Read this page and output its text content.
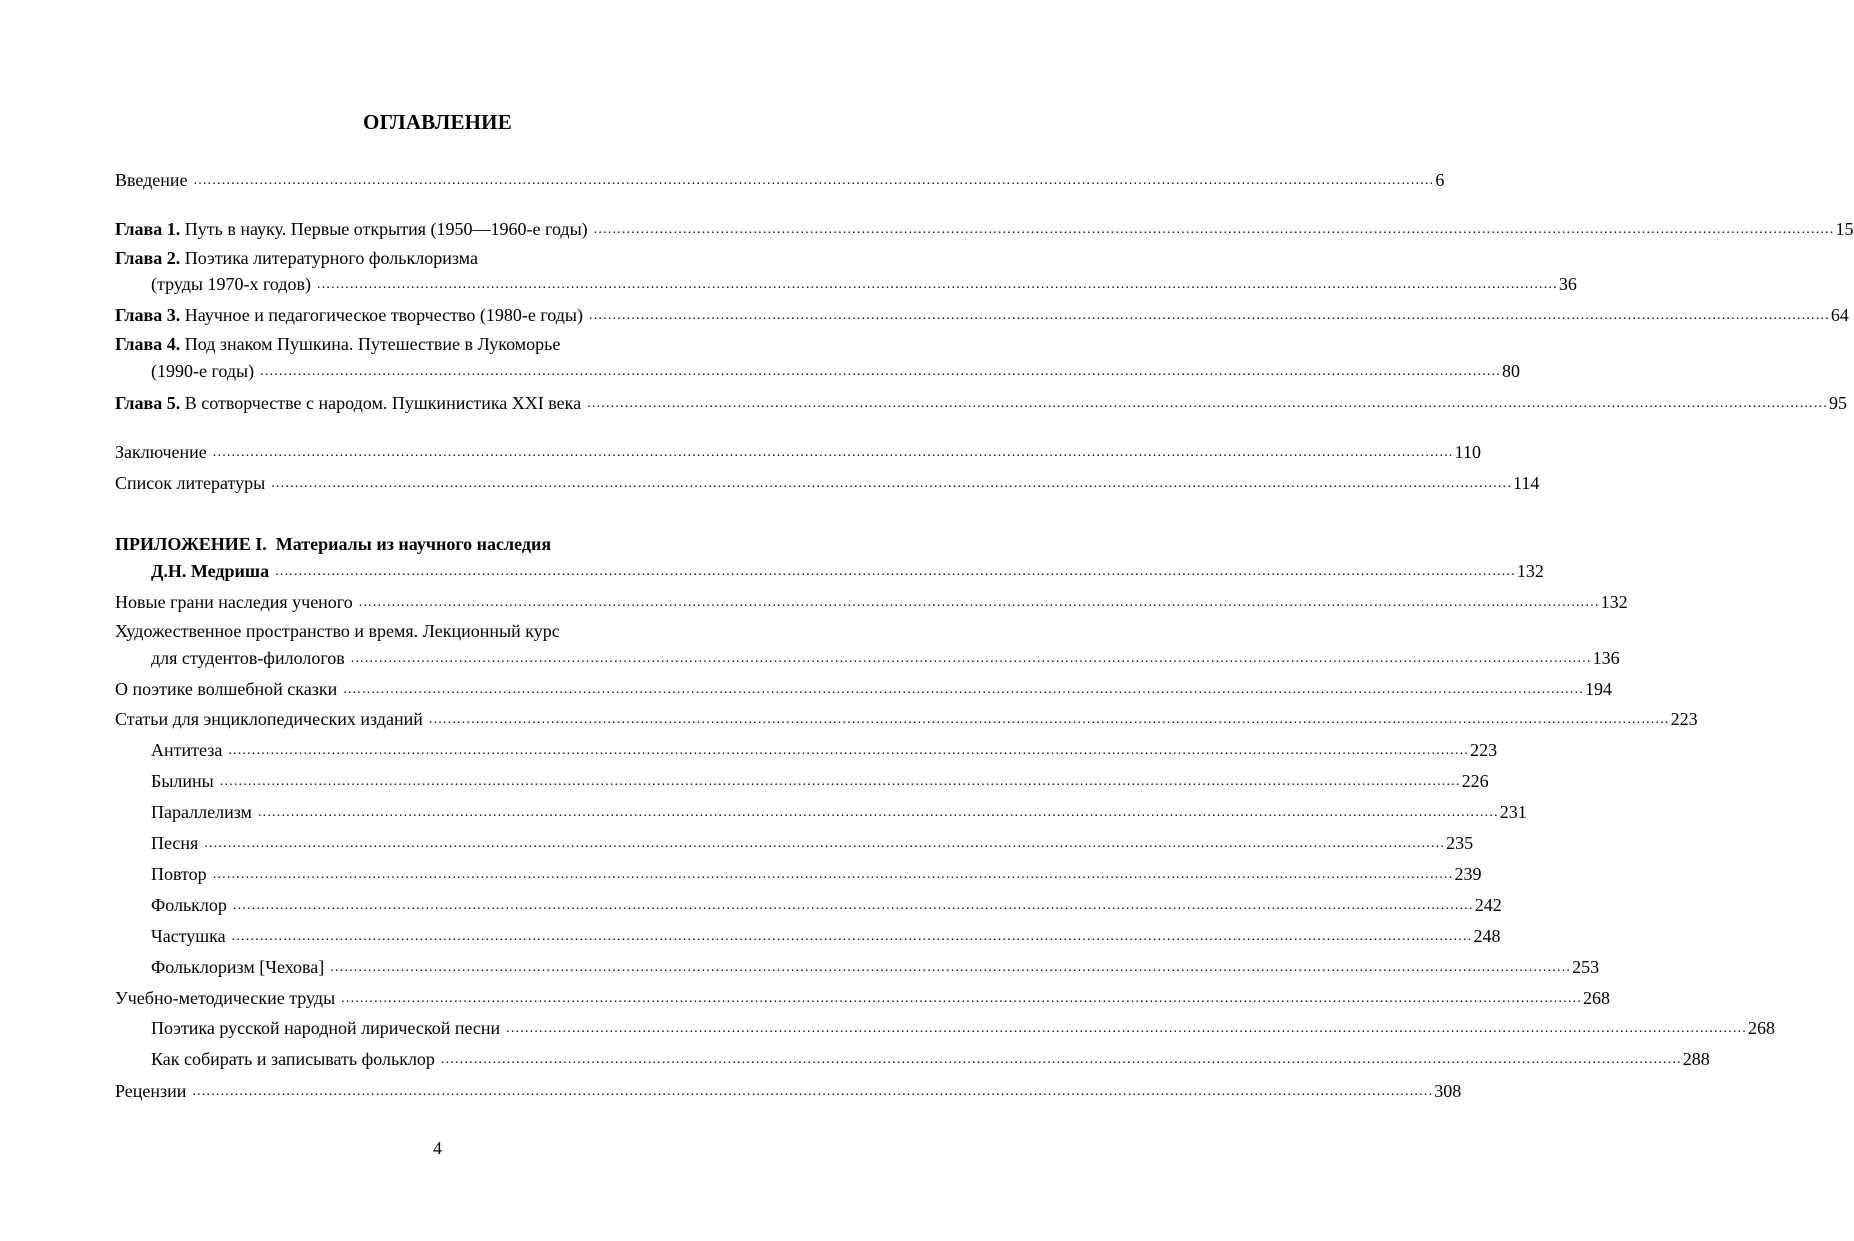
ОГЛАВЛЕНИЕ
Введение ........................................................................................................................................................................................................................................................................ 6
Глава 1. Путь в науку. Первые открытия (1950—1960-е годы) ........................................................................................................................................................................................................................................................................ 15
Глава 2. Поэтика литературного фольклоризма
(труды 1970-х годов) ........................................................................................................................................................................................................................................................................ 36
Глава 3. Научное и педагогическое творчество (1980-е годы) ........................................................................................................................................................................................................................................................................ 64
Глава 4. Под знаком Пушкина. Путешествие в Лукоморье
(1990-е годы) ........................................................................................................................................................................................................................................................................ 80
Глава 5. В сотворчестве с народом. Пушкинистика XXI века ........................................................................................................................................................................................................................................................................ 95
Заключение ........................................................................................................................................................................................................................................................................ 110
Список литературы ........................................................................................................................................................................................................................................................................ 114
ПРИЛОЖЕНИЕ I.  Материалы из научного наследия
Д.Н. Медриша ........................................................................................................................................................................................................................................................................ 132
Новые грани наследия ученого ........................................................................................................................................................................................................................................................................ 132
Художественное пространство и время. Лекционный курс
для студентов-филологов ........................................................................................................................................................................................................................................................................ 136
О поэтике волшебной сказки ........................................................................................................................................................................................................................................................................ 194
Статьи для энциклопедических изданий ........................................................................................................................................................................................................................................................................ 223
Антитеза ........................................................................................................................................................................................................................................................................ 223
Былины ........................................................................................................................................................................................................................................................................ 226
Параллелизм ........................................................................................................................................................................................................................................................................ 231
Песня ........................................................................................................................................................................................................................................................................ 235
Повтор ........................................................................................................................................................................................................................................................................ 239
Фольклор ........................................................................................................................................................................................................................................................................ 242
Частушка ........................................................................................................................................................................................................................................................................ 248
Фольклоризм [Чехова] ........................................................................................................................................................................................................................................................................ 253
Учебно-методические труды ........................................................................................................................................................................................................................................................................ 268
Поэтика русской народной лирической песни ........................................................................................................................................................................................................................................................................ 268
Как собирать и записывать фольклор ........................................................................................................................................................................................................................................................................ 288
Рецензии ........................................................................................................................................................................................................................................................................ 308
4
